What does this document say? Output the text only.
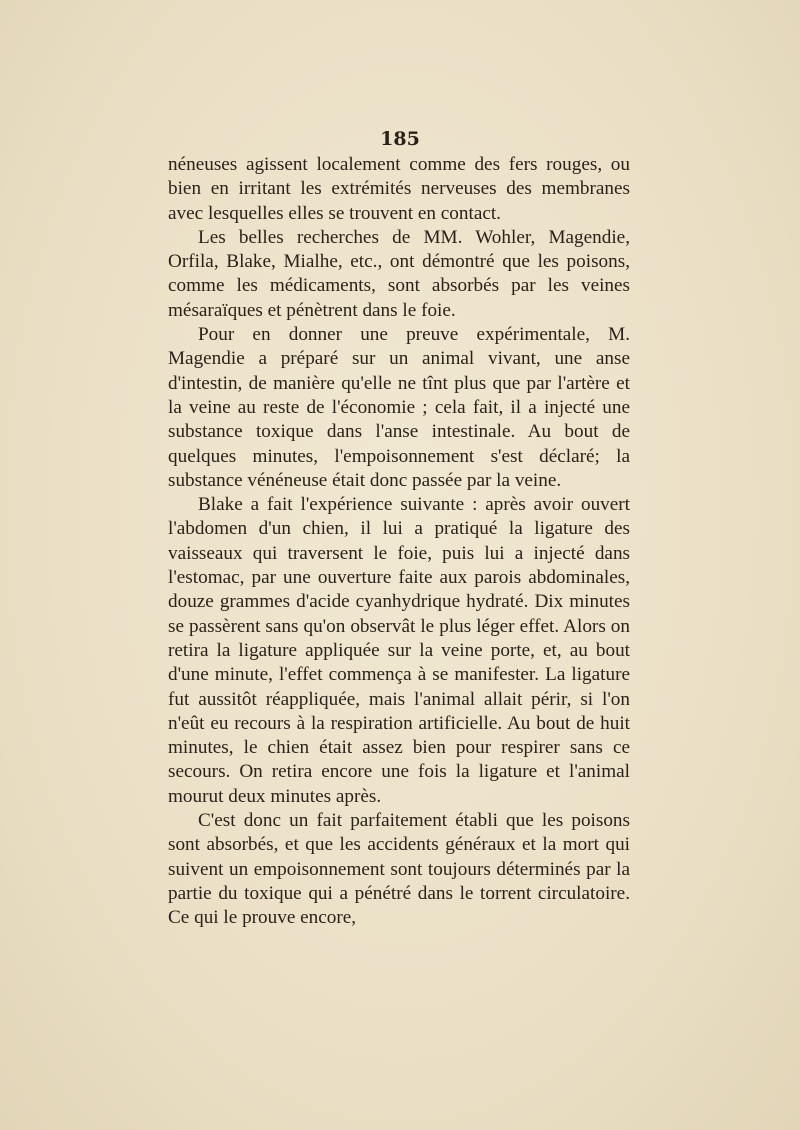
185

néneuses agissent localement comme des fers rouges, ou bien en irritant les extrémités nerveuses des membranes avec lesquelles elles se trouvent en contact.

Les belles recherches de MM. Wohler, Magendie, Orfila, Blake, Mialhe, etc., ont démontré que les poisons, comme les médicaments, sont absorbés par les veines mésaraïques et pénètrent dans le foie.

Pour en donner une preuve expérimentale, M. Magendie a préparé sur un animal vivant, une anse d'intestin, de manière qu'elle ne tînt plus que par l'artère et la veine au reste de l'économie ; cela fait, il a injecté une substance toxique dans l'anse intestinale. Au bout de quelques minutes, l'empoisonnement s'est déclaré; la substance vénéneuse était donc passée par la veine.

Blake a fait l'expérience suivante : après avoir ouvert l'abdomen d'un chien, il lui a pratiqué la ligature des vaisseaux qui traversent le foie, puis lui a injecté dans l'estomac, par une ouverture faite aux parois abdominales, douze grammes d'acide cyanhydrique hydraté. Dix minutes se passèrent sans qu'on observât le plus léger effet. Alors on retira la ligature appliquée sur la veine porte, et, au bout d'une minute, l'effet commença à se manifester. La ligature fut aussitôt réappliquée, mais l'animal allait périr, si l'on n'eût eu recours à la respiration artificielle. Au bout de huit minutes, le chien était assez bien pour respirer sans ce secours. On retira encore une fois la ligature et l'animal mourut deux minutes après.

C'est donc un fait parfaitement établi que les poisons sont absorbés, et que les accidents généraux et la mort qui suivent un empoisonnement sont toujours déterminés par la partie du toxique qui a pénétré dans le torrent circulatoire. Ce qui le prouve encore,
